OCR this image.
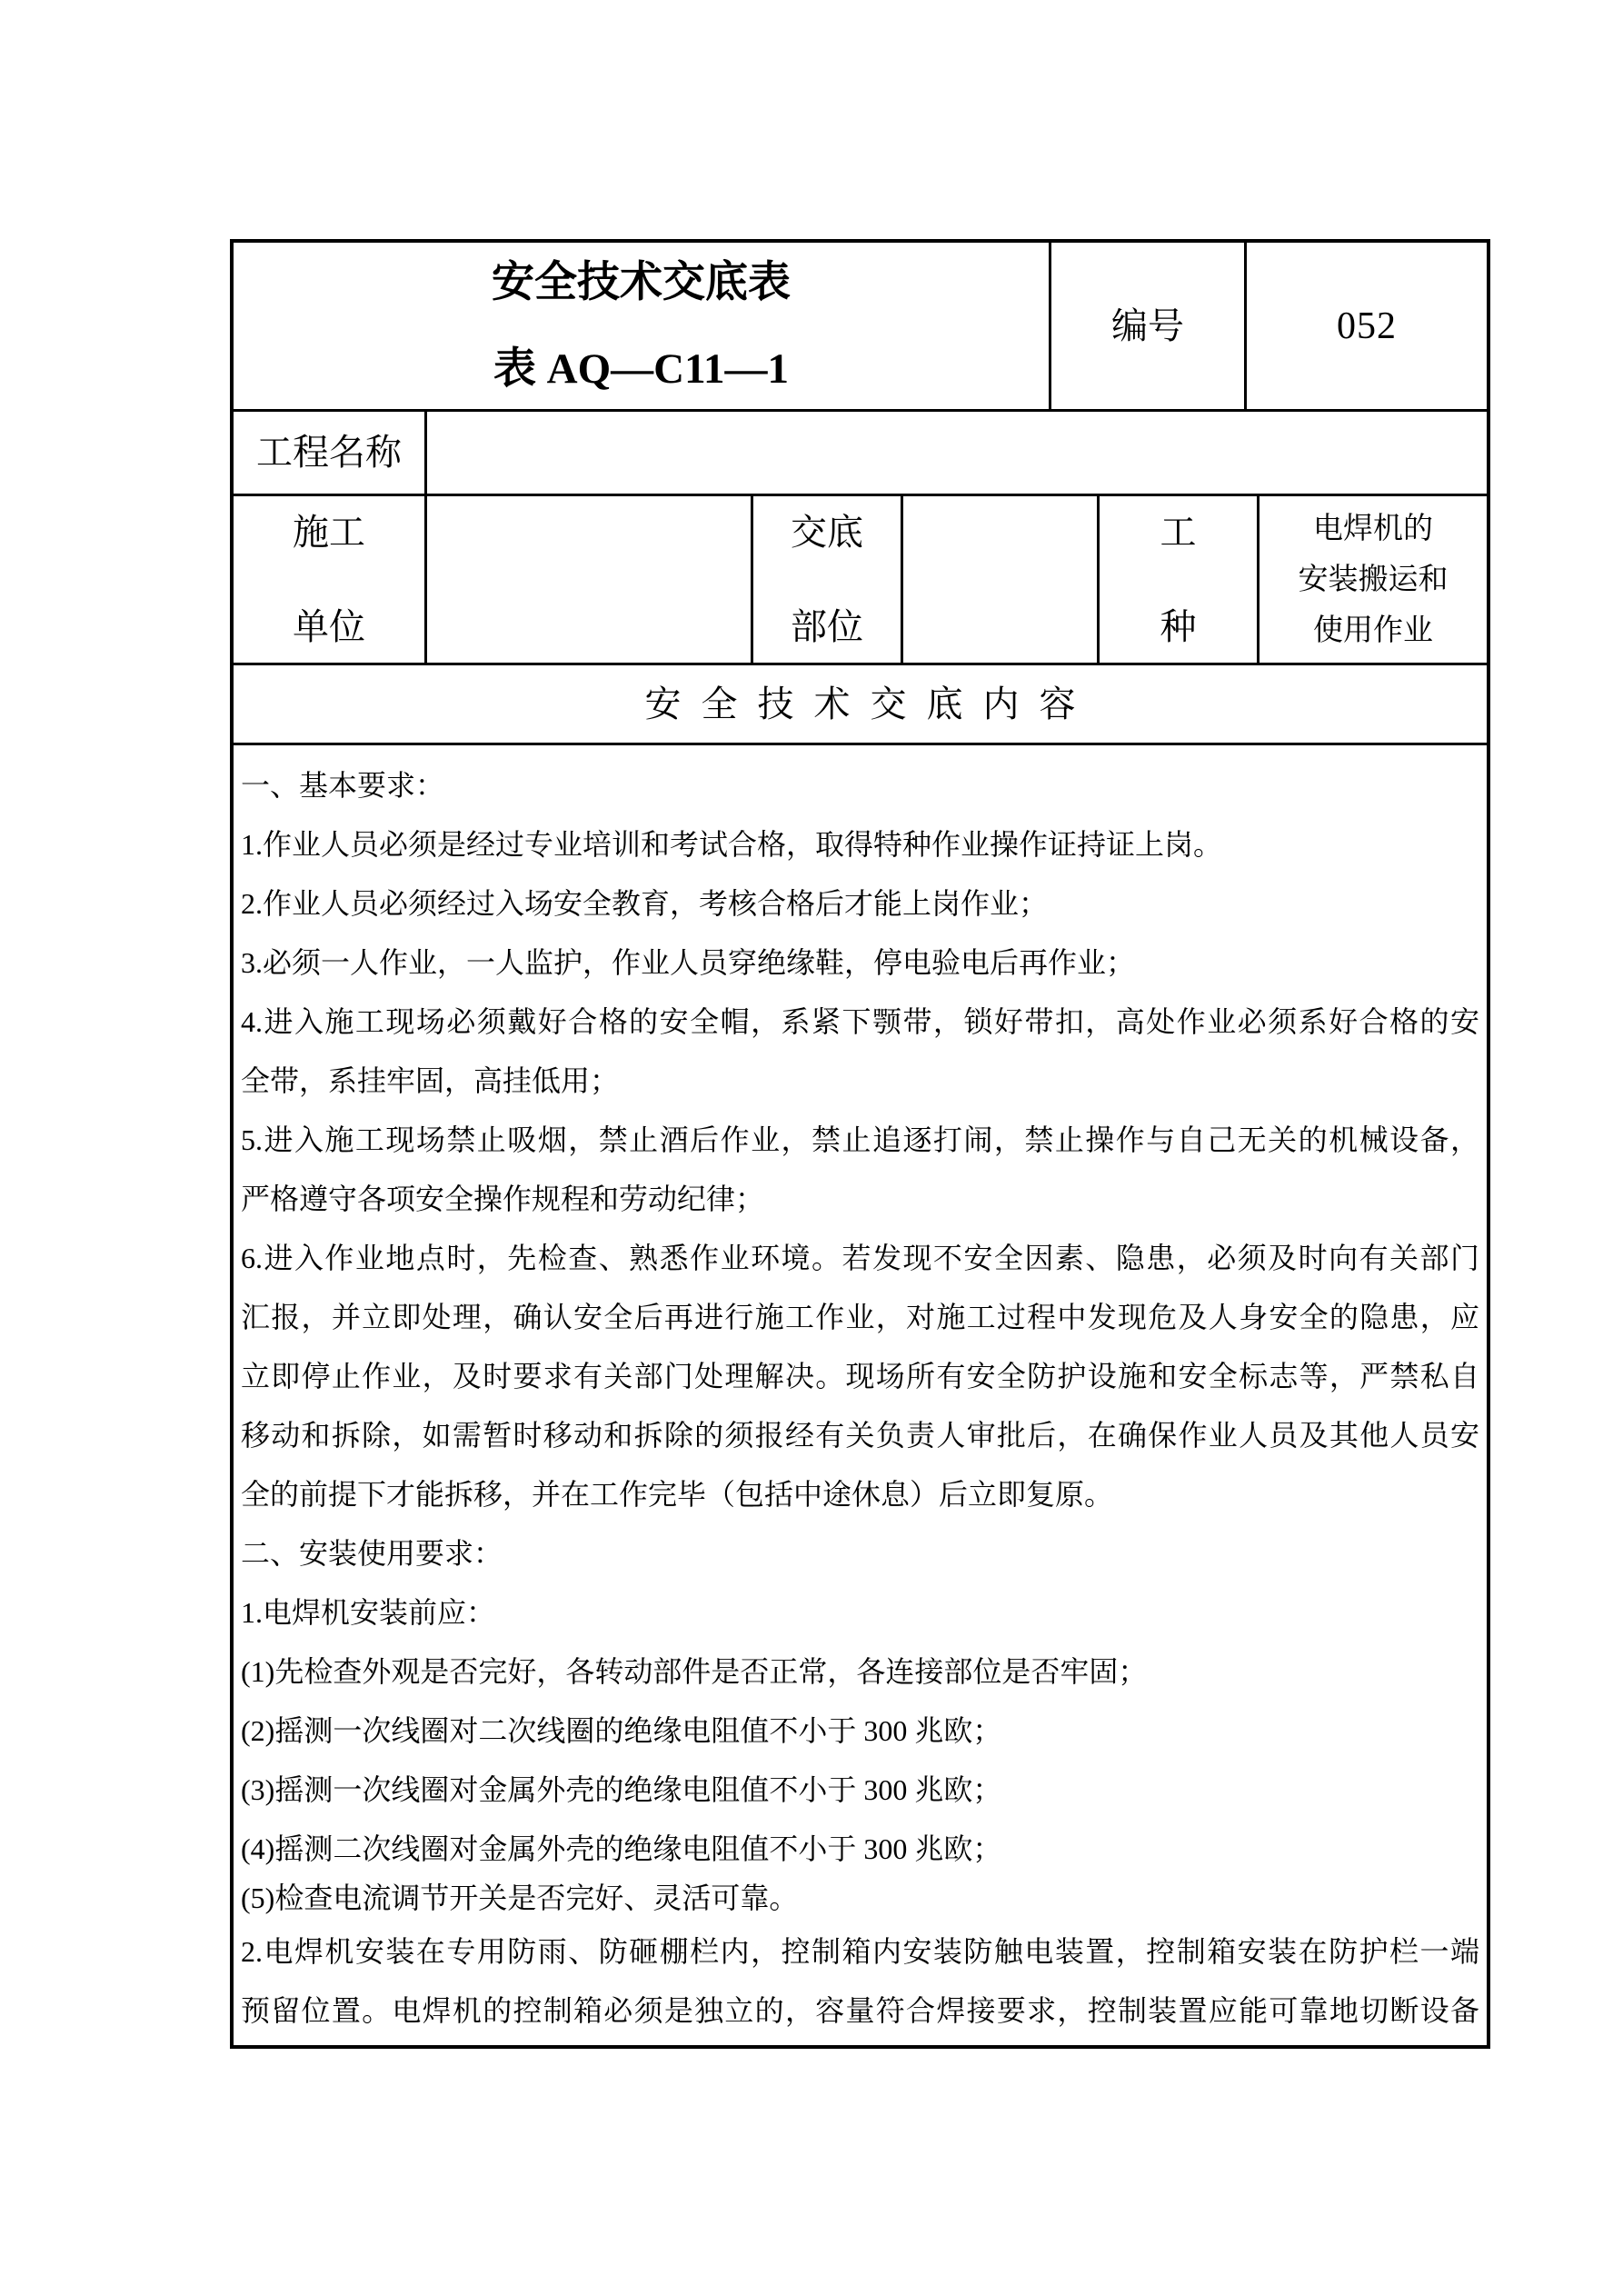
安全技术交底表
表 AQ—C11—1
编号	052
工程名称
施工
单位
交底
部位
工
种
电焊机的
安装搬运和
使用作业
安全技术交底内容
一、基本要求：
1.作业人员必须是经过专业培训和考试合格，取得特种作业操作证持证上岗。
2.作业人员必须经过入场安全教育，考核合格后才能上岗作业；
3.必须一人作业，一人监护，作业人员穿绝缘鞋，停电验电后再作业；
4.进入施工现场必须戴好合格的安全帽，系紧下颚带，锁好带扣，高处作业必须系好合格的安
全带，系挂牢固，高挂低用；
5.进入施工现场禁止吸烟，禁止酒后作业，禁止追逐打闹，禁止操作与自己无关的机械设备，
严格遵守各项安全操作规程和劳动纪律；
6.进入作业地点时，先检查、熟悉作业环境。若发现不安全因素、隐患，必须及时向有关部门
汇报，并立即处理，确认安全后再进行施工作业，对施工过程中发现危及人身安全的隐患，应
立即停止作业，及时要求有关部门处理解决。现场所有安全防护设施和安全标志等，严禁私自
移动和拆除，如需暂时移动和拆除的须报经有关负责人审批后，在确保作业人员及其他人员安
全的前提下才能拆移，并在工作完毕（包括中途休息）后立即复原。
二、安装使用要求：
1.电焊机安装前应：
(1)先检查外观是否完好，各转动部件是否正常，各连接部位是否牢固；
(2)摇测一次线圈对二次线圈的绝缘电阻值不小于 300 兆欧；
(3)摇测一次线圈对金属外壳的绝缘电阻值不小于 300 兆欧；
(4)摇测二次线圈对金属外壳的绝缘电阻值不小于 300 兆欧；
(5)检查电流调节开关是否完好、灵活可靠。
2.电焊机安装在专用防雨、防砸棚栏内，控制箱内安装防触电装置，控制箱安装在防护栏一端
预留位置。电焊机的控制箱必须是独立的，容量符合焊接要求，控制装置应能可靠地切断设备
